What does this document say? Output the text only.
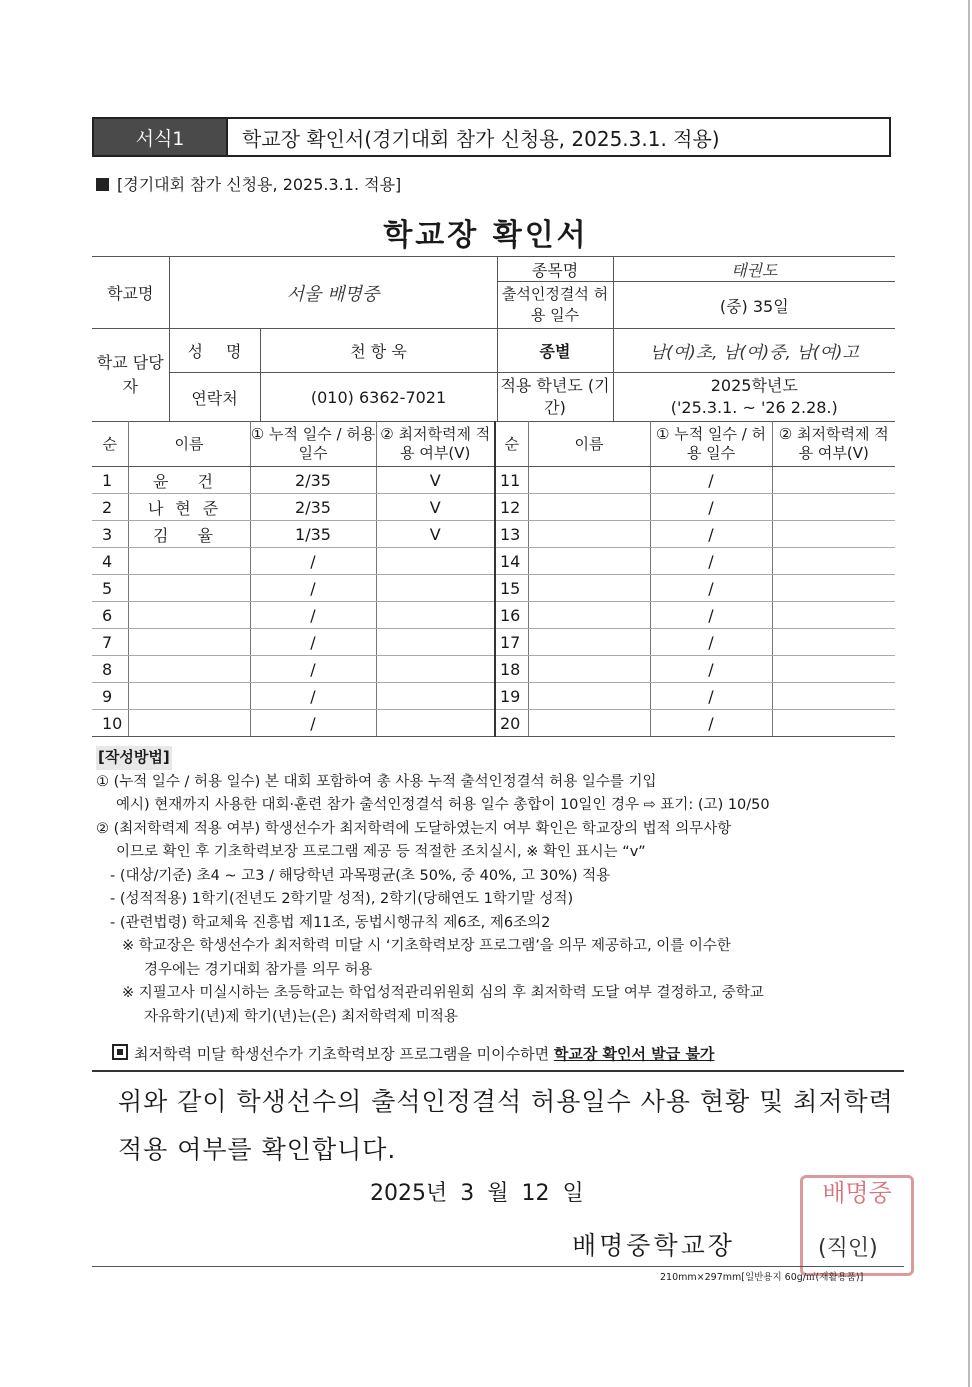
서식1	학교장 확인서(경기대회 참가 신청용, 2025.3.1. 적용)
[경기대회 참가 신청용, 2025.3.1. 적용]
학교장 확인서
학교명	서울 배명중		종목명	태권도
			출석인정결석 허용 일수	(중) 35일
학교 담당자	성 명	천 항 욱	종별	남(여)초, 남(여)중, 남(여)고
	연락처	(010) 6362-7021	적용 학년도 (기간)	2025학년도
('25.3.1. ~ '26 2.28.)
순	이름	① 누적 일수 / 허용 일수	② 최저학력제 적용 여부(V)	순	이름	① 누적 일수 / 허용 일수	② 최저학력제 적용 여부(V)
1	윤 건	2/35	V	11		/	
2	나현준	2/35	V	12		/	
3	김 율	1/35	V	13		/	
4		/		14		/	
5		/		15		/	
6		/		16		/	
7		/		17		/	
8		/		18		/	
9		/		19		/	
10		/		20		/	

[작성방법]

① (누적 일수 / 허용 일수) 본 대회 포함하여 총 사용 누적 출석인정결석 허용 일수를 기입

예시) 현재까지 사용한 대회·훈련 참가 출석인정결석 허용 일수 총합이 10일인 경우 ⇨ 표기: (고) 10/50

② (최저학력제 적용 여부) 학생선수가 최저학력에 도달하였는지 여부 확인은 학교장의 법적 의무사항

이므로 확인 후 기초학력보장 프로그램 제공 등 적절한 조치실시, ※ 확인 표시는 “v”

- (대상/기준) 초4 ~ 고3 / 해당학년 과목평균(초 50%, 중 40%, 고 30%) 적용

- (성적적용) 1학기(전년도 2학기말 성적), 2학기(당해연도 1학기말 성적)

- (관련법령) 학교체육 진흥법 제11조, 동법시행규칙 제6조, 제6조의2

※ 학교장은 학생선수가 최저학력 미달 시 ‘기초학력보장 프로그램’을 의무 제공하고, 이를 이수한

경우에는 경기대회 참가를 의무 허용

※ 지필고사 미실시하는 초등학교는 학업성적관리위원회 심의 후 최저학력 도달 여부 결정하고, 중학교

자유학기(년)제 학기(년)는(은) 최저학력제 미적용

최저학력 미달 학생선수가 기초학력보장 프로그램을 미이수하면 학교장 확인서 발급 불가
위와 같이 학생선수의 출석인정결석 허용일수 사용 현황 및 최저학력
적용 여부를 확인합니다.
2025년 3 월 12 일
배명중학교장
배명중
(직인)
210mm×297mm[일반용지 60g/㎡(재활용품)]
